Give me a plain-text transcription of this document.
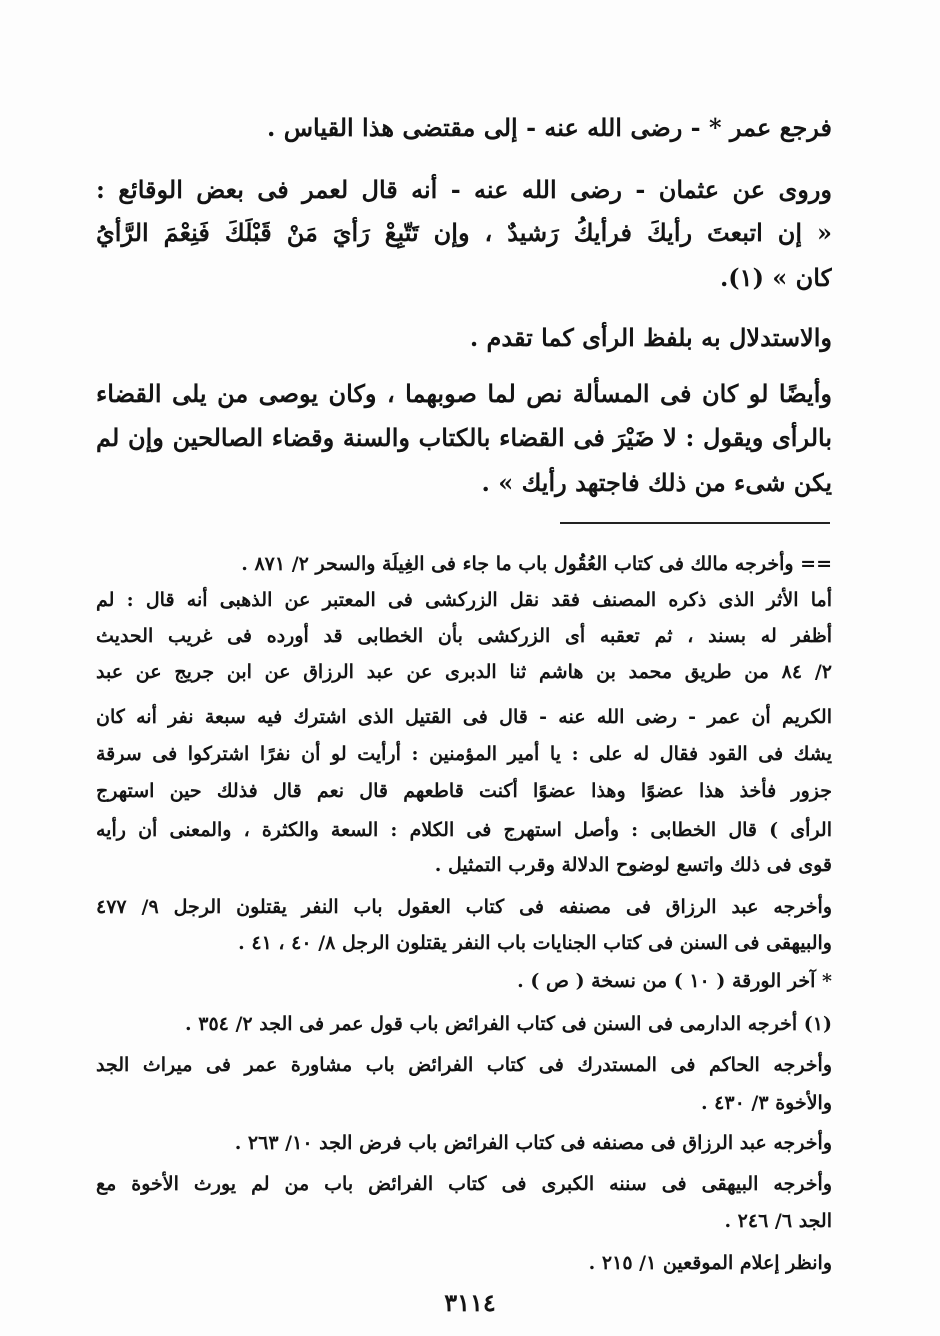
فرجع عمر * - رضى الله عنه - إلى مقتضى هذا القياس .
وروى عن عثمان - رضى الله عنه - أنه قال لعمر فى بعض الوقائع :
« إن اتبعتَ رأيكَ فرأيكُ رَشيدٌ ، وإن تَتّبِعْ رَأيَ مَنْ قَبْلَكَ فَنِعْمَ الرَّأيُ
كان » (١).
والاستدلال به بلفظ الرأى كما تقدم .
وأيضًا لو كان فى المسألة نص لما صوبهما ، وكان يوصى من يلى القضاء
بالرأى ويقول : لا ضَيْرَ فى القضاء بالكتاب والسنة وقضاء الصالحين وإن لم
يكن شىء من ذلك فاجتهد رأيك » .
== وأخرجه مالك فى كتاب العُقُول باب ما جاء فى الغِيلَة والسحر ٢/ ٨٧١ .
أما الأثر الذى ذكره المصنف فقد نقل الزركشى فى المعتبر عن الذهبى أنه قال : لم
أظفر له بسند ، ثم تعقبه أى الزركشى بأن الخطابى قد أورده فى غريب الحديث
٢/ ٨٤ من طريق محمد بن هاشم ثنا الدبرى عن عبد الرزاق عن ابن جريج عن عبد
الكريم أن عمر - رضى الله عنه - قال فى القتيل الذى اشترك فيه سبعة نفر أنه كان
يشك فى القود فقال له على : يا أمير المؤمنين : أرأيت لو أن نفرًا اشتركوا فى سرقة
جزور فأخذ هذا عضوًا وهذا عضوًا أكنت قاطعهم قال نعم قال فذلك حين استهرج
الرأى ) قال الخطابى : وأصل استهرج فى الكلام : السعة والكثرة ، والمعنى أن رأيه
قوى فى ذلك واتسع لوضوح الدلالة وقرب التمثيل .
وأخرجه عبد الرزاق فى مصنفه فى كتاب العقول باب النفر يقتلون الرجل ٩/ ٤٧٧
والبيهقى فى السنن فى كتاب الجنايات باب النفر يقتلون الرجل ٨/ ٤٠ ، ٤١ .
* آخر الورقة ( ١٠ ) من نسخة ( ص ) .
(١) أخرجه الدارمى فى السنن فى كتاب الفرائض باب قول عمر فى الجد ٢/ ٣٥٤ .
وأخرجه الحاكم فى المستدرك فى كتاب الفرائض باب مشاورة عمر فى ميراث الجد
والأخوة ٣/ ٤٣٠ .
وأخرجه عبد الرزاق فى مصنفه فى كتاب الفرائض باب فرض الجد ١٠/ ٢٦٣ .
وأخرجه البيهقى فى سننه الكبرى فى كتاب الفرائض باب من لم يورث الأخوة مع
الجد ٦/ ٢٤٦ .
وانظر إعلام الموقعين ١/ ٢١٥ .
٣١١٤
